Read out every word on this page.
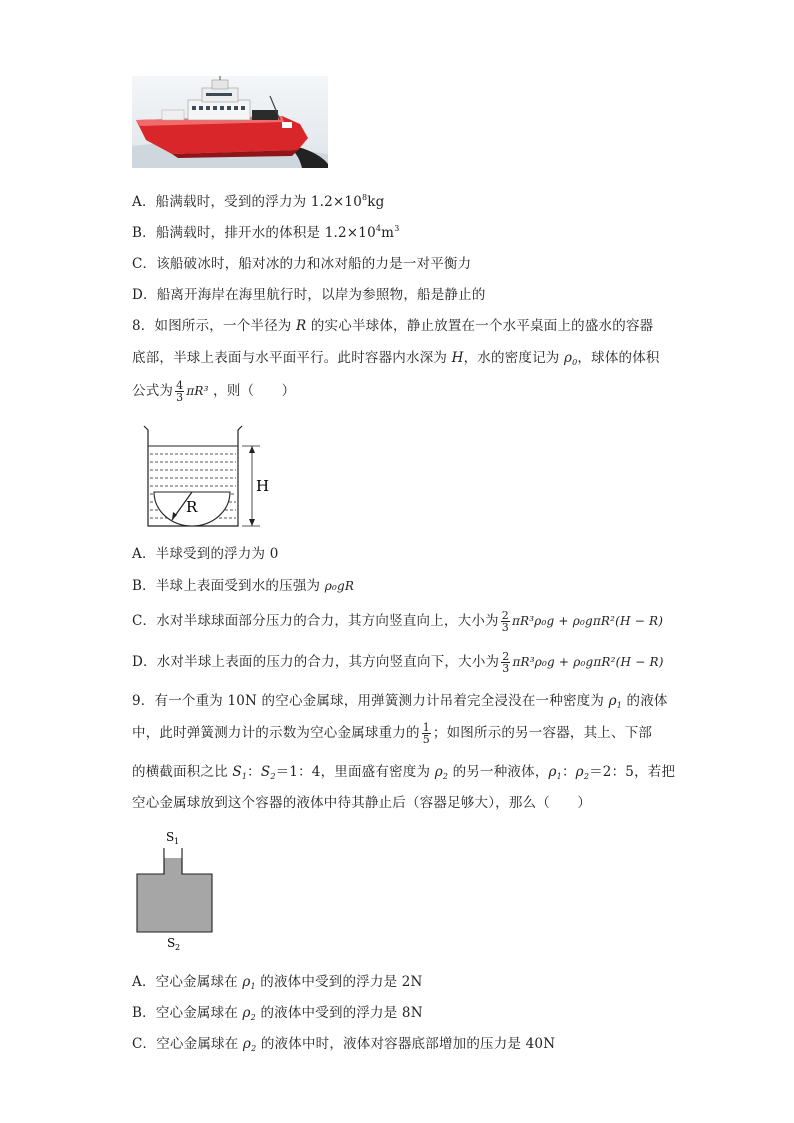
A．船满载时，受到的浮力为 $1.2\times 10^8kg$
B．船满载时，排开水的体积是 $1.2\times 10^4m^3$
C．该船破冰时，船对冰的力和冰对船的力是一对平衡力
D．船离开海岸在海里航行时，以岸为参照物，船是静止的
8．如图所示，一个半径为 R 的实心半球体，静止放置在一个水平桌面上的盛水的容器
底部，半球上表面与水平面平行。此时容器内水深为 H，水的密度记为 $\rho_0$，球体的体积
公式为 $\frac{4}{3} \pi R^3$ ，则（　　）
R
H
A．半球受到的浮力为 0
B．半球上表面受到水的压强为 ρ₀gR
C．水对半球球面部分压力的合力，其方向竖直向上，大小为 $\frac{2}{3} \pi R^3\rho_0g + \rho_0g\pi R^2(H - R)$
D．水对半球上表面的压力的合力，其方向竖直向下，大小为 $\frac{2}{3} \pi R^3\rho_0g + \rho_0g\pi R^2(H - R)$
9．有一个重为 10N 的空心金属球，用弹簧测力计吊着完全浸没在一种密度为 $\rho_1$ 的液体
中，此时弹簧测力计的示数为空心金属球重力的 $\frac{1}{5}$ ；如图所示的另一容器，其上、下部
的横截面积之比 $S_1$：$S_2=1$：4，里面盛有密度为 $\rho_2$ 的另一种液体，$\rho_1$：$\rho_2=2$：5，若把
空心金属球放到这个容器的液体中待其静止后（容器足够大），那么（　　）
S 1
S 2
A．空心金属球在 $\rho_1$ 的液体中受到的浮力是 2N
B．空心金属球在 $\rho_2$ 的液体中受到的浮力是 8N
C．空心金属球在 $\rho_2$ 的液体中时，液体对容器底部增加的压力是 40N
